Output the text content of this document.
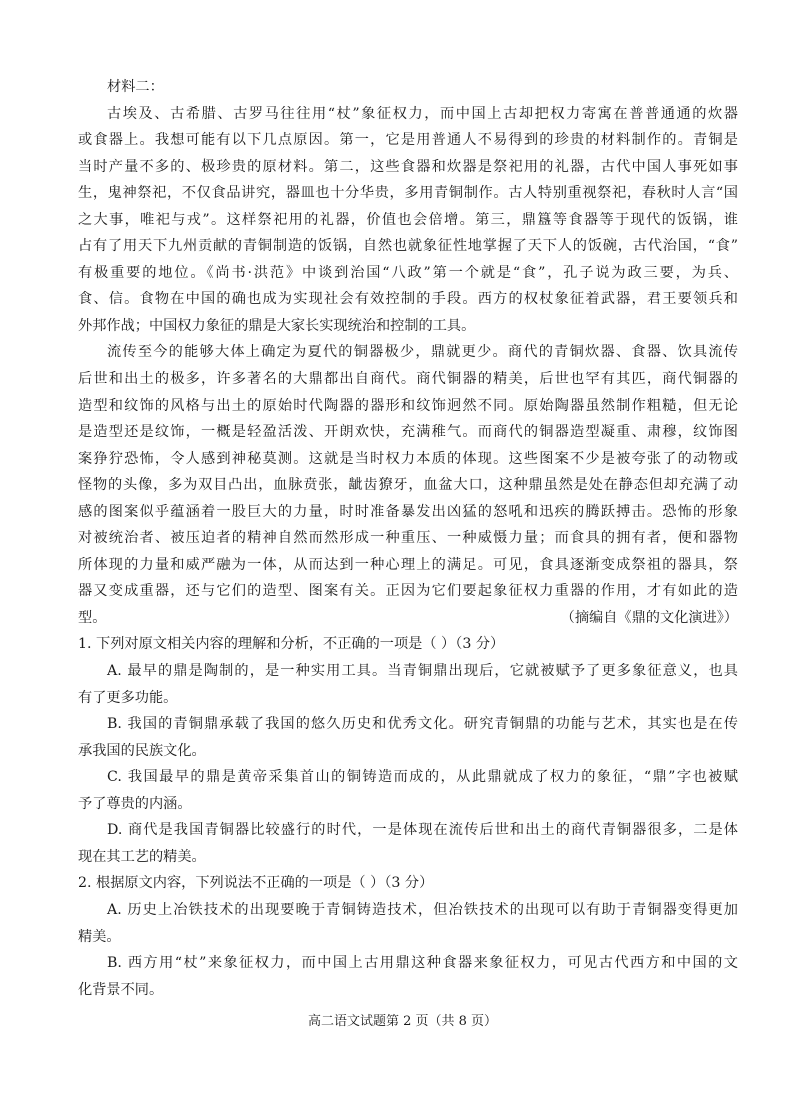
材料二：
古埃及、古希腊、古罗马往往用“杖”象征权力，而中国上古却把权力寄寓在普普通通的炊器
或食器上。我想可能有以下几点原因。第一，它是用普通人不易得到的珍贵的材料制作的。青铜是
当时产量不多的、极珍贵的原材料。第二，这些食器和炊器是祭祀用的礼器，古代中国人事死如事
生，鬼神祭祀，不仅食品讲究，器皿也十分华贵，多用青铜制作。古人特别重视祭祀，春秋时人言“国
之大事，唯祀与戎”。这样祭祀用的礼器，价值也会倍增。第三，鼎簋等食器等于现代的饭锅，谁
占有了用天下九州贡献的青铜制造的饭锅，自然也就象征性地掌握了天下人的饭碗，古代治国，“食”
有极重要的地位。《尚书·洪范》中谈到治国“八政”第一个就是“食”，孔子说为政三要，为兵、
食、信。食物在中国的确也成为实现社会有效控制的手段。西方的权杖象征着武器，君王要领兵和
外邦作战；中国权力象征的鼎是大家长实现统治和控制的工具。
流传至今的能够大体上确定为夏代的铜器极少，鼎就更少。商代的青铜炊器、食器、饮具流传
后世和出土的极多，许多著名的大鼎都出自商代。商代铜器的精美，后世也罕有其匹，商代铜器的
造型和纹饰的风格与出土的原始时代陶器的器形和纹饰迥然不同。原始陶器虽然制作粗糙，但无论
是造型还是纹饰，一概是轻盈活泼、开朗欢快，充满稚气。而商代的铜器造型凝重、肃穆，纹饰图
案狰狞恐怖，令人感到神秘莫测。这就是当时权力本质的体现。这些图案不少是被夸张了的动物或
怪物的头像，多为双目凸出，血脉贲张，龇齿獠牙，血盆大口，这种鼎虽然是处在静态但却充满了动
感的图案似乎蕴涵着一股巨大的力量，时时准备暴发出凶猛的怒吼和迅疾的腾跃搏击。恐怖的形象
对被统治者、被压迫者的精神自然而然形成一种重压、一种威慑力量；而食具的拥有者，便和器物
所体现的力量和威严融为一体，从而达到一种心理上的满足。可见，食具逐渐变成祭祖的器具，祭
器又变成重器，还与它们的造型、图案有关。正因为它们要起象征权力重器的作用，才有如此的造
型。	（摘编自《鼎的文化演进》）
1. 下列对原文相关内容的理解和分析，不正确的一项是（ ）（3 分）
A. 最早的鼎是陶制的，是一种实用工具。当青铜鼎出现后，它就被赋予了更多象征意义，也具
有了更多功能。
B. 我国的青铜鼎承载了我国的悠久历史和优秀文化。研究青铜鼎的功能与艺术，其实也是在传
承我国的民族文化。
C. 我国最早的鼎是黄帝采集首山的铜铸造而成的，从此鼎就成了权力的象征，“鼎”字也被赋
予了尊贵的内涵。
D. 商代是我国青铜器比较盛行的时代，一是体现在流传后世和出土的商代青铜器很多，二是体
现在其工艺的精美。
2. 根据原文内容，下列说法不正确的一项是（ ）（3 分）
A. 历史上冶铁技术的出现要晚于青铜铸造技术，但冶铁技术的出现可以有助于青铜器变得更加
精美。
B. 西方用“杖”来象征权力，而中国上古用鼎这种食器来象征权力，可见古代西方和中国的文
化背景不同。
高二语文试题第 2 页（共 8 页）
